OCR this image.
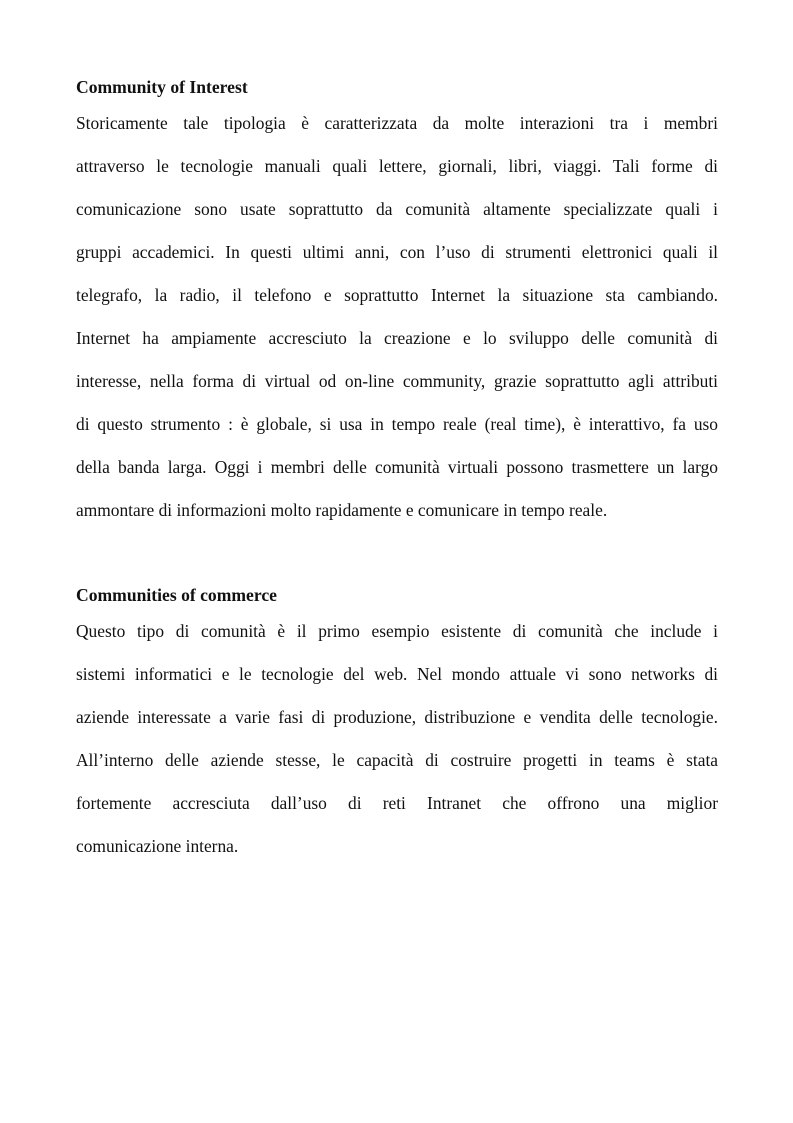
Community of Interest

Storicamente tale tipologia è caratterizzata da molte interazioni tra i membri
attraverso le tecnologie manuali quali lettere, giornali, libri, viaggi. Tali forme di
comunicazione sono usate soprattutto da comunità altamente specializzate quali i
gruppi accademici. In questi ultimi anni, con l’uso di strumenti elettronici quali il
telegrafo, la radio, il telefono e soprattutto Internet la situazione sta cambiando.
Internet ha ampiamente accresciuto la creazione e lo sviluppo delle comunità di
interesse, nella forma di virtual od on-line community, grazie soprattutto agli attributi
di questo strumento : è globale, si usa in tempo reale (real time), è interattivo, fa uso
della banda larga. Oggi i membri delle comunità virtuali possono trasmettere un largo
ammontare di informazioni molto rapidamente e comunicare in tempo reale.

Communities of commerce

Questo tipo di comunità è il primo esempio esistente di comunità che include i
sistemi informatici e le tecnologie del web. Nel mondo attuale vi sono networks di
aziende interessate a varie fasi di produzione, distribuzione e vendita delle tecnologie.
All’interno delle aziende stesse, le capacità di costruire progetti in teams è stata
fortemente accresciuta dall’uso di reti Intranet che offrono una miglior
comunicazione interna.
